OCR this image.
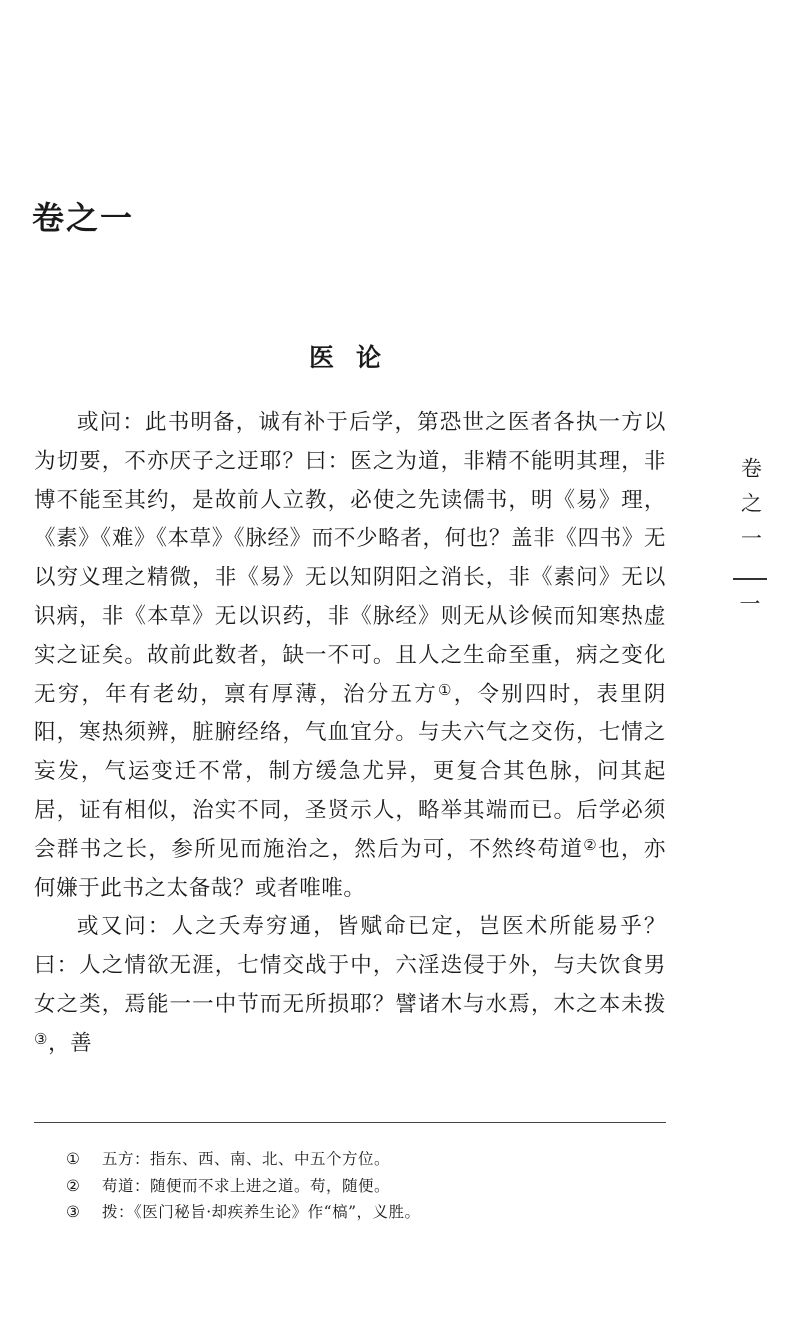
卷之一
医论

或问：此书明备，诚有补于后学，第恐世之医者各执一方以为切要，不亦厌子之迂耶？曰：医之为道，非精不能明其理，非博不能至其约，是故前人立教，必使之先读儒书，明《易》理，《素》《难》《本草》《脉经》而不少略者，何也？盖非《四书》无以穷义理之精微，非《易》无以知阴阳之消长，非《素问》无以识病，非《本草》无以识药，非《脉经》则无从诊候而知寒热虚实之证矣。故前此数者，缺一不可。且人之生命至重，病之变化无穷，年有老幼，禀有厚薄，治分五方①，令别四时，表里阴阳，寒热须辨，脏腑经络，气血宜分。与夫六气之交伤，七情之妄发，气运变迁不常，制方缓急尤异，更复合其色脉，问其起居，证有相似，治实不同，圣贤示人，略举其端而已。后学必须会群书之长，参所见而施治之，然后为可，不然终苟道②也，亦何嫌于此书之太备哉？或者唯唯。

或又问：人之夭寿穷通，皆赋命已定，岂医术所能易乎？曰：人之情欲无涯，七情交战于中，六淫迭侵于外，与夫饮食男女之类，焉能一一中节而无所损耶？譬诸木与水焉，木之本未拨③，善

卷之一
一
① 五方：指东、西、南、北、中五个方位。
② 苟道：随便而不求上进之道。苟，随便。
③ 拨：《医门秘旨·却疾养生论》作“槁”，义胜。
